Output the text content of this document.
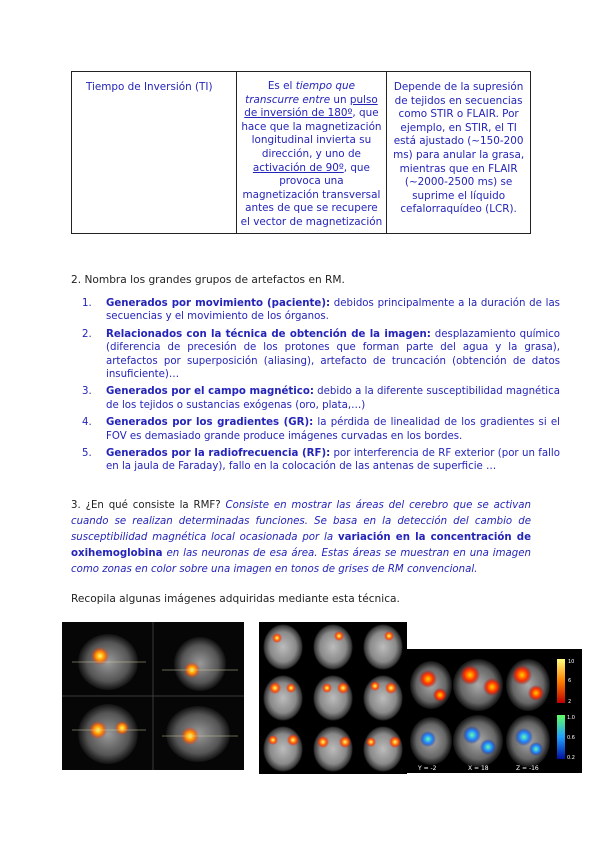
Tiempo de Inversión (TI)	Es el tiempo que transcurre entre un pulso de inversión de 180º, que hace que la magnetización longitudinal invierta su dirección, y uno de activación de 90º, que provoca una magnetización transversal antes de que se recupere el vector de magnetización	Depende de la supresión de tejidos en secuencias como STIR o FLAIR. Por ejemplo, en STIR, el TI está ajustado (~150-200 ms) para anular la grasa, mientras que en FLAIR (~2000-2500 ms) se suprime el líquido cefalorraquídeo (LCR).
2. Nombra los grandes grupos de artefactos en RM.
1. Generados por movimiento (paciente): debidos principalmente a la duración de las secuencias y el movimiento de los órganos.
2. Relacionados con la técnica de obtención de la imagen: desplazamiento químico (diferencia de precesión de los protones que forman parte del agua y la grasa), artefactos por superposición (aliasing), artefacto de truncación (obtención de datos insuficiente)…
3. Generados por el campo magnético: debido a la diferente susceptibilidad magnética de los tejidos o sustancias exógenas (oro, plata,…)
4. Generados por los gradientes (GR): la pérdida de linealidad de los gradientes si el FOV es demasiado grande produce imágenes curvadas en los bordes.
5. Generados por la radiofrecuencia (RF): por interferencia de RF exterior (por un fallo en la jaula de Faraday), fallo en la colocación de las antenas de superficie …
3. ¿En qué consiste la RMF? Consiste en mostrar las áreas del cerebro que se activan cuando se realizan determinadas funciones. Se basa en la detección del cambio de susceptibilidad magnética local ocasionada por la variación en la concentración de oxihemoglobina en las neuronas de esa área. Estas áreas se muestran en una imagen como zonas en color sobre una imagen en tonos de grises de RM convencional.
Recopila algunas imágenes adquiridas mediante esta técnica.
10
6
2
1.0
0.6
0.2
Y = -2	X = 18	Z = -16
